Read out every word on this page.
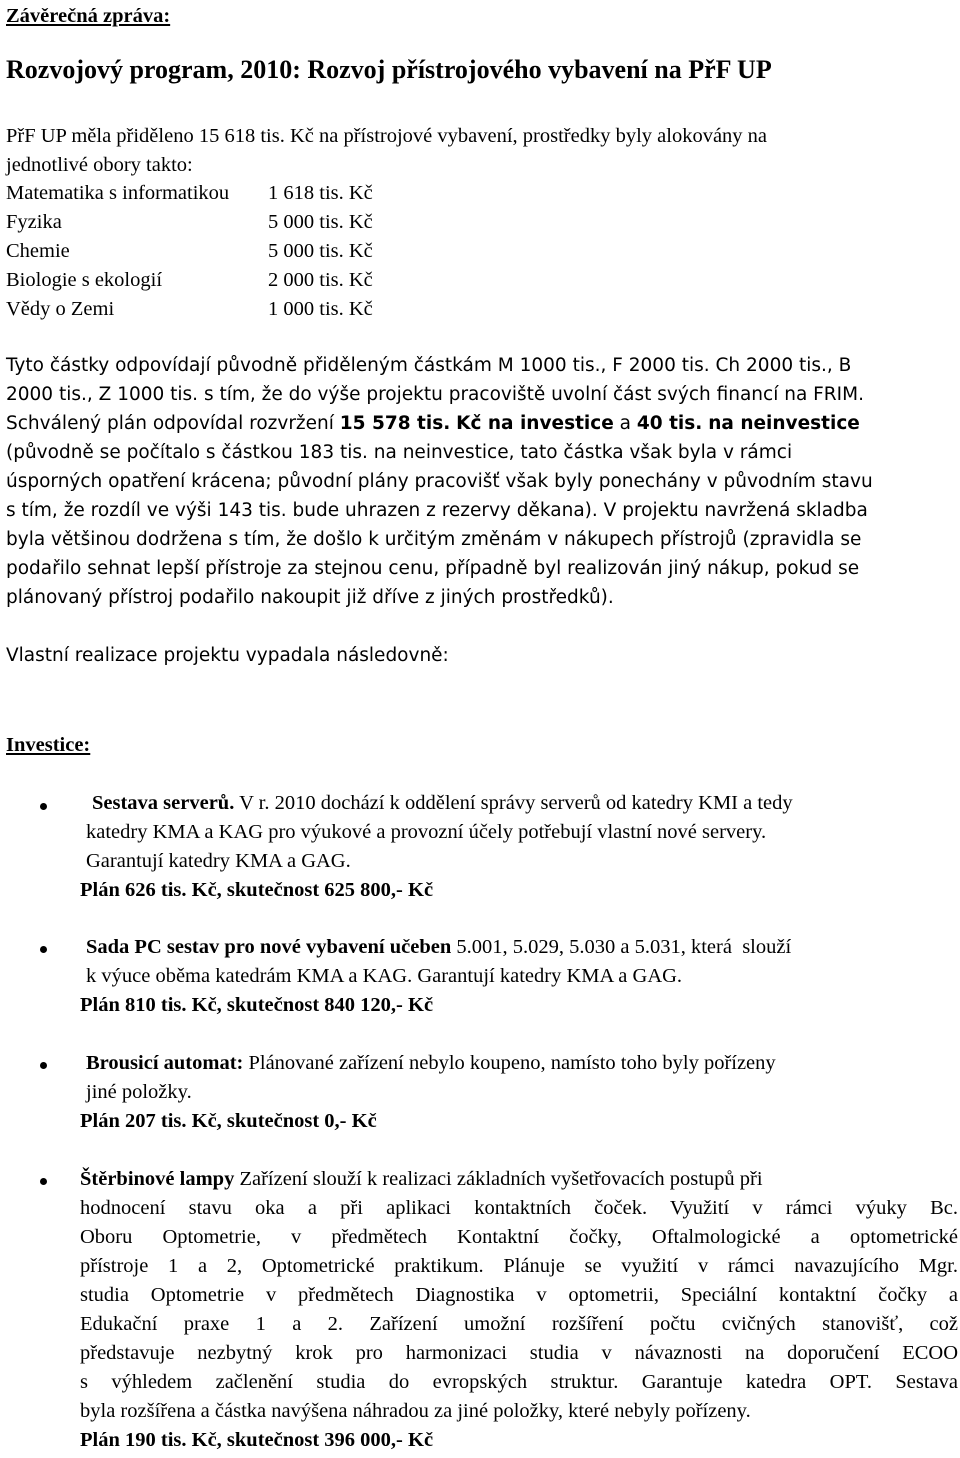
Závěrečná zpráva:
Rozvojový program, 2010: Rozvoj přístrojového vybavení na PřF UP
PřF UP měla přiděleno 15 618 tis. Kč na přístrojové vybavení, prostředky byly alokovány na
jednotlivé obory takto:
Matematika s informatikou 1 618 tis. Kč
Fyzika	5 000 tis. Kč
Chemie	5 000 tis. Kč
Biologie s ekologií	2 000 tis. Kč
Vědy o Zemi	1 000 tis. Kč
Tyto částky odpovídají původně přiděleným částkám M 1000 tis., F 2000 tis. Ch 2000 tis., B
2000 tis., Z 1000 tis. s tím, že do výše projektu pracoviště uvolní část svých financí na FRIM.
Schválený plán odpovídal rozvržení 15 578 tis. Kč na investice a 40 tis. na neinvestice
(původně se počítalo s částkou 183 tis. na neinvestice, tato částka však byla v rámci
úsporných opatření krácena; původní plány pracovišť však byly ponechány v původním stavu
s tím, že rozdíl ve výši 143 tis. bude uhrazen z rezervy děkana). V projektu navržená skladba
byla většinou dodržena s tím, že došlo k určitým změnám v nákupech přístrojů (zpravidla se
podařilo sehnat lepší přístroje za stejnou cenu, případně byl realizován jiný nákup, pokud se
plánovaný přístroj podařilo nakoupit již dříve z jiných prostředků).
Vlastní realizace projektu vypadala následovně:
Investice:
Sestava serverů. V r. 2010 dochází k oddělení správy serverů od katedry KMI a tedy
katedry KMA a KAG pro výukové a provozní účely potřebují vlastní nové servery.
Garantují katedry KMA a GAG.
Plán 626 tis. Kč, skutečnost 625 800,- Kč
Sada PC sestav pro nové vybavení učeben 5.001, 5.029, 5.030 a 5.031, která  slouží
k výuce oběma katedrám KMA a KAG. Garantují katedry KMA a GAG.
Plán 810 tis. Kč, skutečnost 840 120,- Kč
Brousicí automat: Plánované zařízení nebylo koupeno, namísto toho byly pořízeny
jiné položky.
Plán 207 tis. Kč, skutečnost 0,- Kč
Štěrbinové lampy Zařízení slouží k realizaci základních vyšetřovacích postupů při
hodnocení stavu oka a při aplikaci kontaktních čoček. Využití v rámci výuky Bc.
Oboru Optometrie, v předmětech Kontaktní čočky, Oftalmologické a optometrické
přístroje 1 a 2, Optometrické praktikum. Plánuje se využití v rámci navazujícího Mgr.
studia Optometrie v předmětech Diagnostika v optometrii, Speciální kontaktní čočky a
Edukační praxe 1 a 2. Zařízení umožní rozšíření počtu cvičných stanovišť, což
představuje nezbytný krok pro harmonizaci studia v návaznosti na doporučení ECOO
s výhledem začlenění studia do evropských struktur. Garantuje katedra OPT. Sestava
byla rozšířena a částka navýšena náhradou za jiné položky, které nebyly pořízeny.
Plán 190 tis. Kč, skutečnost 396 000,- Kč
